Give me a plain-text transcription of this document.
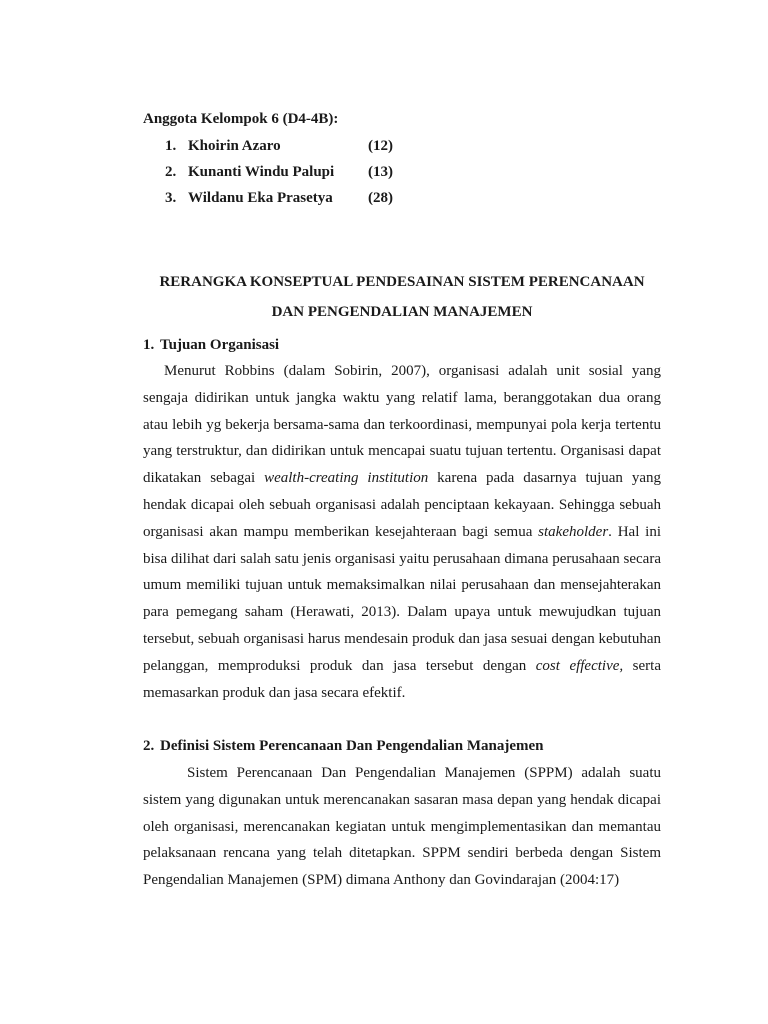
Anggota Kelompok 6 (D4-4B):

1. Khoirin Azaro	(12)
2. Kunanti Windu Palupi (13)
3. Wildanu Eka Prasetya (28)
RERANGKA KONSEPTUAL PENDESAINAN SISTEM PERENCANAAN
DAN PENGENDALIAN MANAJEMEN
1. Tujuan Organisasi

Menurut Robbins (dalam Sobirin, 2007), organisasi adalah unit sosial yang sengaja didirikan untuk jangka waktu yang relatif lama, beranggotakan dua orang atau lebih yg bekerja bersama-sama dan terkoordinasi, mempunyai pola kerja tertentu yang terstruktur, dan didirikan untuk mencapai suatu tujuan tertentu. Organisasi dapat dikatakan sebagai wealth-creating institution karena pada dasarnya tujuan yang hendak dicapai oleh sebuah organisasi adalah penciptaan kekayaan. Sehingga sebuah organisasi akan mampu memberikan kesejahteraan bagi semua stakeholder. Hal ini bisa dilihat dari salah satu jenis organisasi yaitu perusahaan dimana perusahaan secara umum memiliki tujuan untuk memaksimalkan nilai perusahaan dan mensejahterakan para pemegang saham (Herawati, 2013). Dalam upaya untuk mewujudkan tujuan tersebut, sebuah organisasi harus mendesain produk dan jasa sesuai dengan kebutuhan pelanggan, memproduksi produk dan jasa tersebut dengan cost effective, serta memasarkan produk dan jasa secara efektif.

2. Definisi Sistem Perencanaan Dan Pengendalian Manajemen

Sistem Perencanaan Dan Pengendalian Manajemen (SPPM) adalah suatu sistem yang digunakan untuk merencanakan sasaran masa depan yang hendak dicapai oleh organisasi, merencanakan kegiatan untuk mengimplementasikan dan memantau pelaksanaan rencana yang telah ditetapkan. SPPM sendiri berbeda dengan Sistem Pengendalian Manajemen (SPM) dimana Anthony dan Govindarajan (2004:17)
